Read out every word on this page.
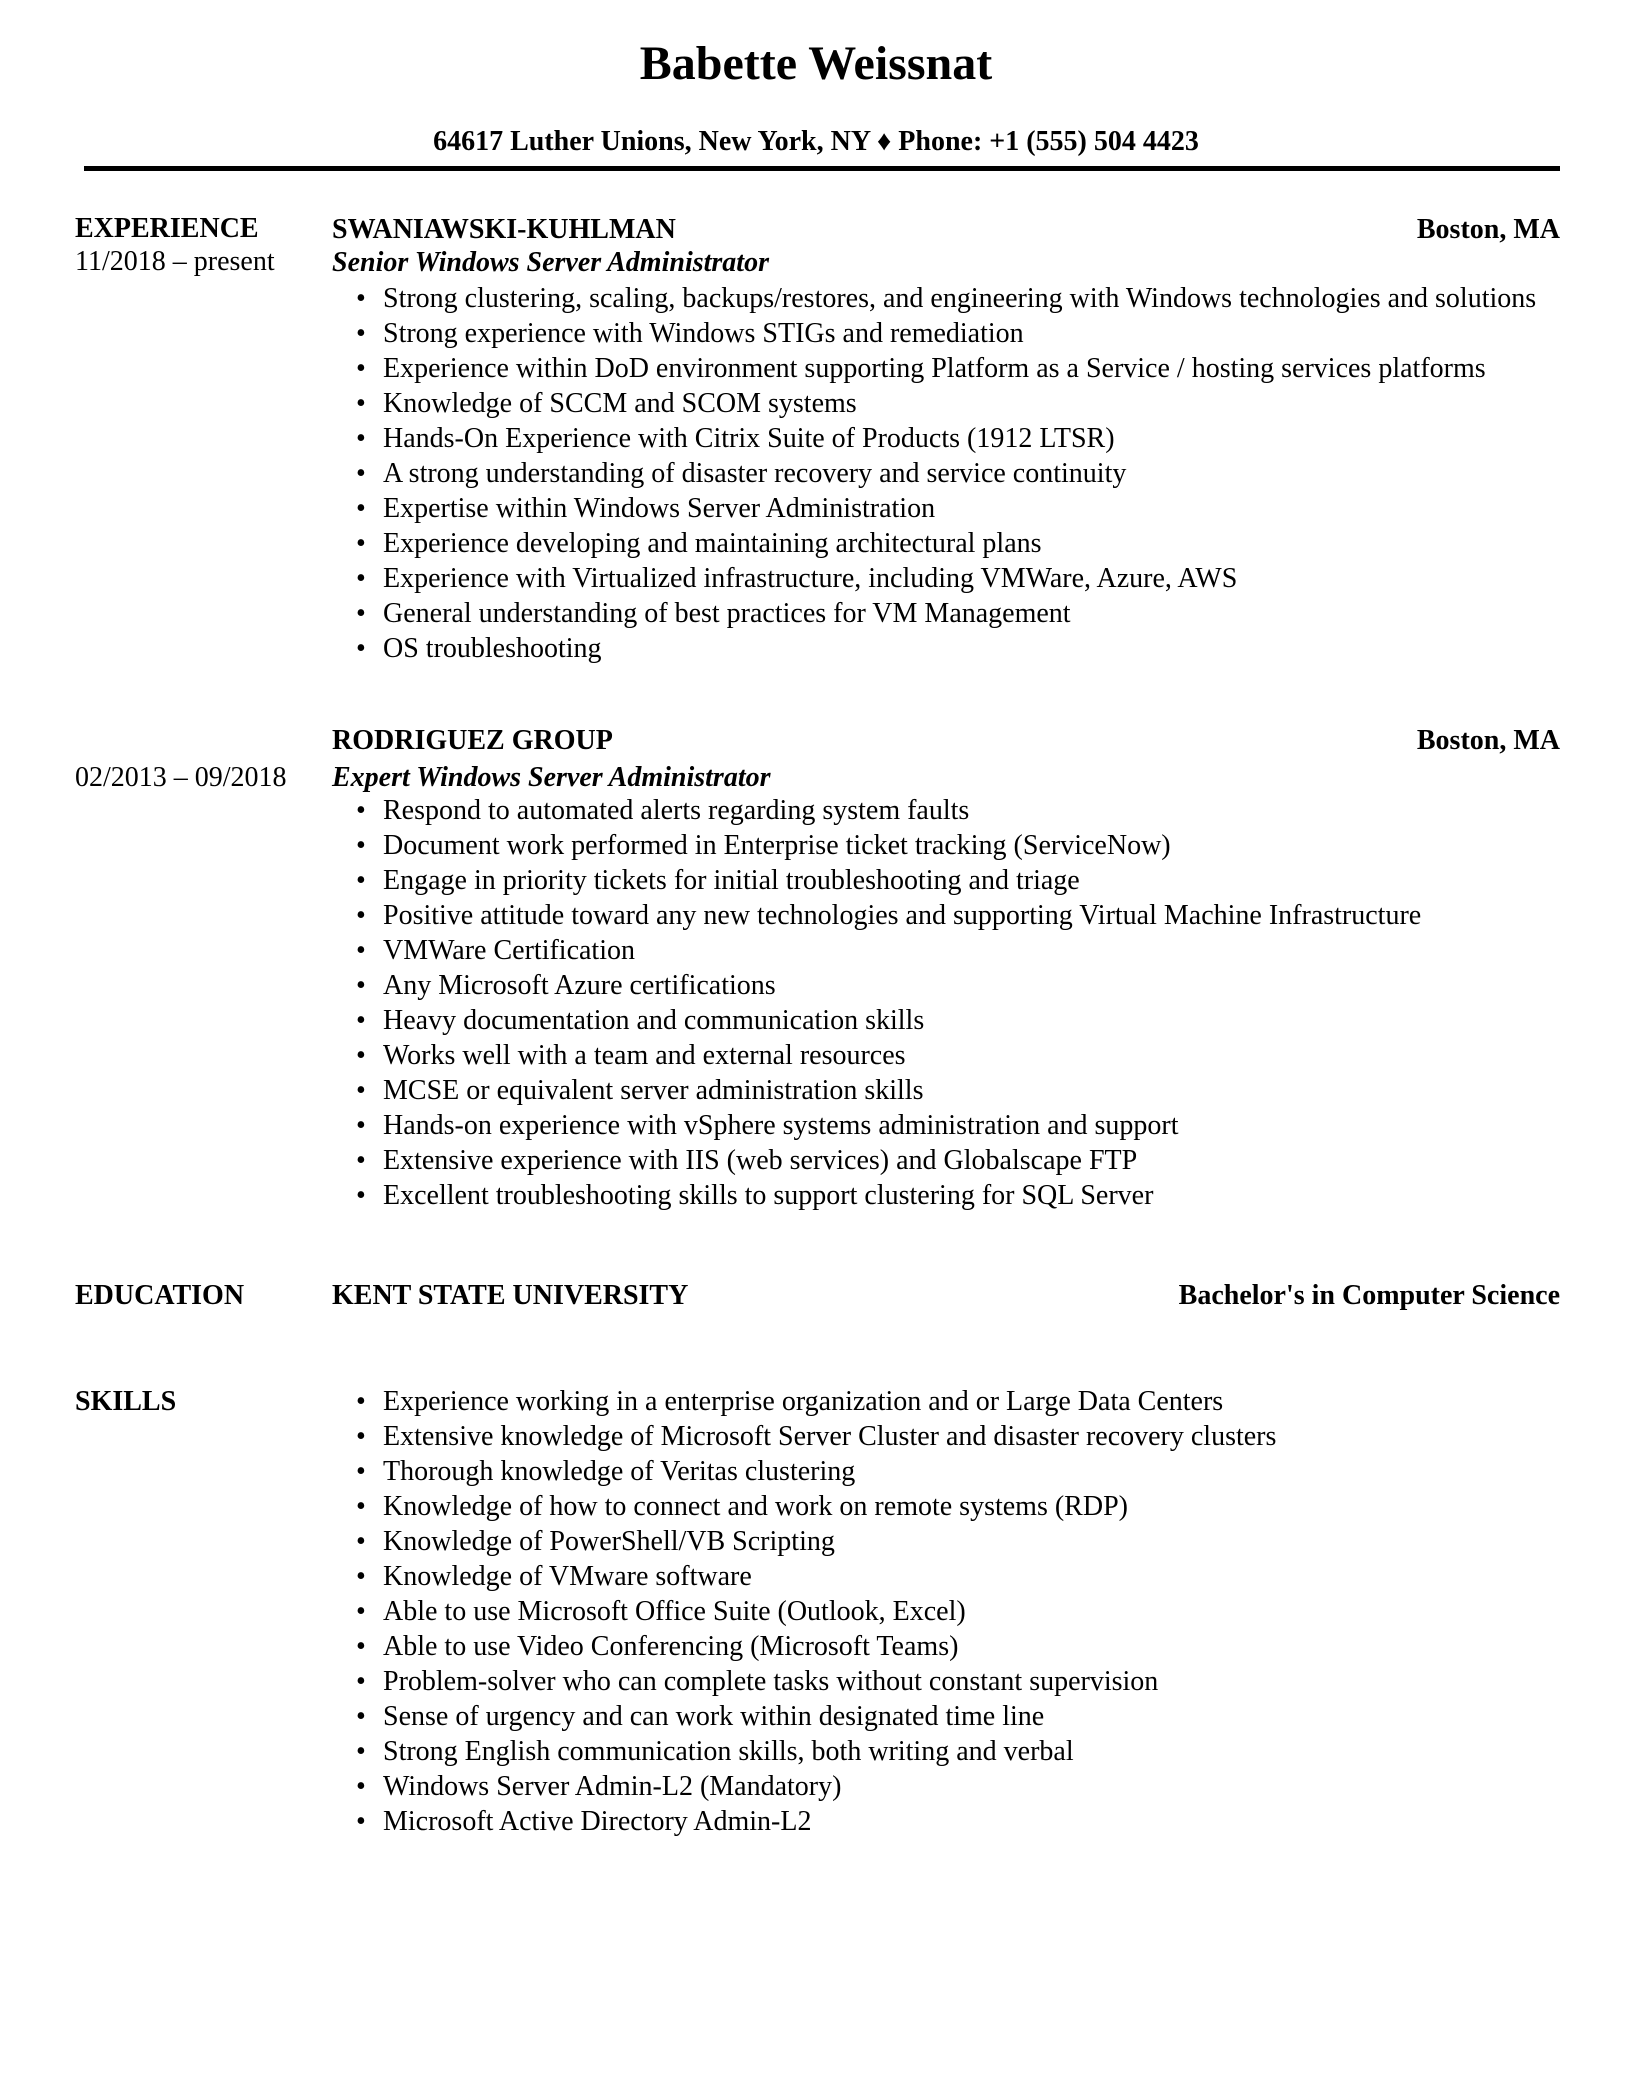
Babette Weissnat
64617 Luther Unions, New York, NY ♦ Phone: +1 (555) 504 4423
EXPERIENCE
11/2018 – present
SWANIAWSKI-KUHLMAN	Boston, MA
Senior Windows Server Administrator
• Strong clustering, scaling, backups/restores, and engineering with Windows technologies and solutions
• Strong experience with Windows STIGs and remediation
• Experience within DoD environment supporting Platform as a Service / hosting services platforms
• Knowledge of SCCM and SCOM systems
• Hands-On Experience with Citrix Suite of Products (1912 LTSR)
• A strong understanding of disaster recovery and service continuity
• Expertise within Windows Server Administration
• Experience developing and maintaining architectural plans
• Experience with Virtualized infrastructure, including VMWare, Azure, AWS
• General understanding of best practices for VM Management
• OS troubleshooting
02/2013 – 09/2018
RODRIGUEZ GROUP	Boston, MA
Expert Windows Server Administrator
• Respond to automated alerts regarding system faults
• Document work performed in Enterprise ticket tracking (ServiceNow)
• Engage in priority tickets for initial troubleshooting and triage
• Positive attitude toward any new technologies and supporting Virtual Machine Infrastructure
• VMWare Certification
• Any Microsoft Azure certifications
• Heavy documentation and communication skills
• Works well with a team and external resources
• MCSE or equivalent server administration skills
• Hands-on experience with vSphere systems administration and support
• Extensive experience with IIS (web services) and Globalscape FTP
• Excellent troubleshooting skills to support clustering for SQL Server
EDUCATION	KENT STATE UNIVERSITY	Bachelor's in Computer Science
SKILLS	• Experience working in a enterprise organization and or Large Data Centers
• Extensive knowledge of Microsoft Server Cluster and disaster recovery clusters
• Thorough knowledge of Veritas clustering
• Knowledge of how to connect and work on remote systems (RDP)
• Knowledge of PowerShell/VB Scripting
• Knowledge of VMware software
• Able to use Microsoft Office Suite (Outlook, Excel)
• Able to use Video Conferencing (Microsoft Teams)
• Problem-solver who can complete tasks without constant supervision
• Sense of urgency and can work within designated time line
• Strong English communication skills, both writing and verbal
• Windows Server Admin-L2 (Mandatory)
• Microsoft Active Directory Admin-L2
